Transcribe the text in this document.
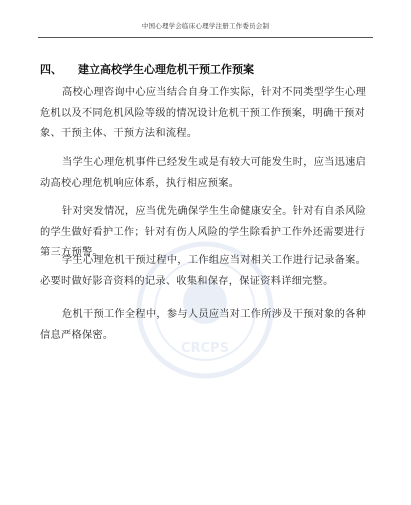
中国心理学会临床心理学注册工作委员会制
CRCPS
四、 建立高校学生心理危机干预工作预案
高校心理咨询中心应当结合自身工作实际，针对不同类型学生心理危机以及不同危机风险等级的情况设计危机干预工作预案，明确干预对象、干预主体、干预方法和流程。
当学生心理危机事件已经发生或是有较大可能发生时，应当迅速启动高校心理危机响应体系，执行相应预案。
针对突发情况，应当优先确保学生生命健康安全。针对有自杀风险的学生做好看护工作；针对有伤人风险的学生除看护工作外还需要进行第三方预警。
学生心理危机干预过程中，工作组应当对相关工作进行记录备案。必要时做好影音资料的记录、收集和保存，保证资料详细完整。
危机干预工作全程中，参与人员应当对工作所涉及干预对象的各种信息严格保密。
